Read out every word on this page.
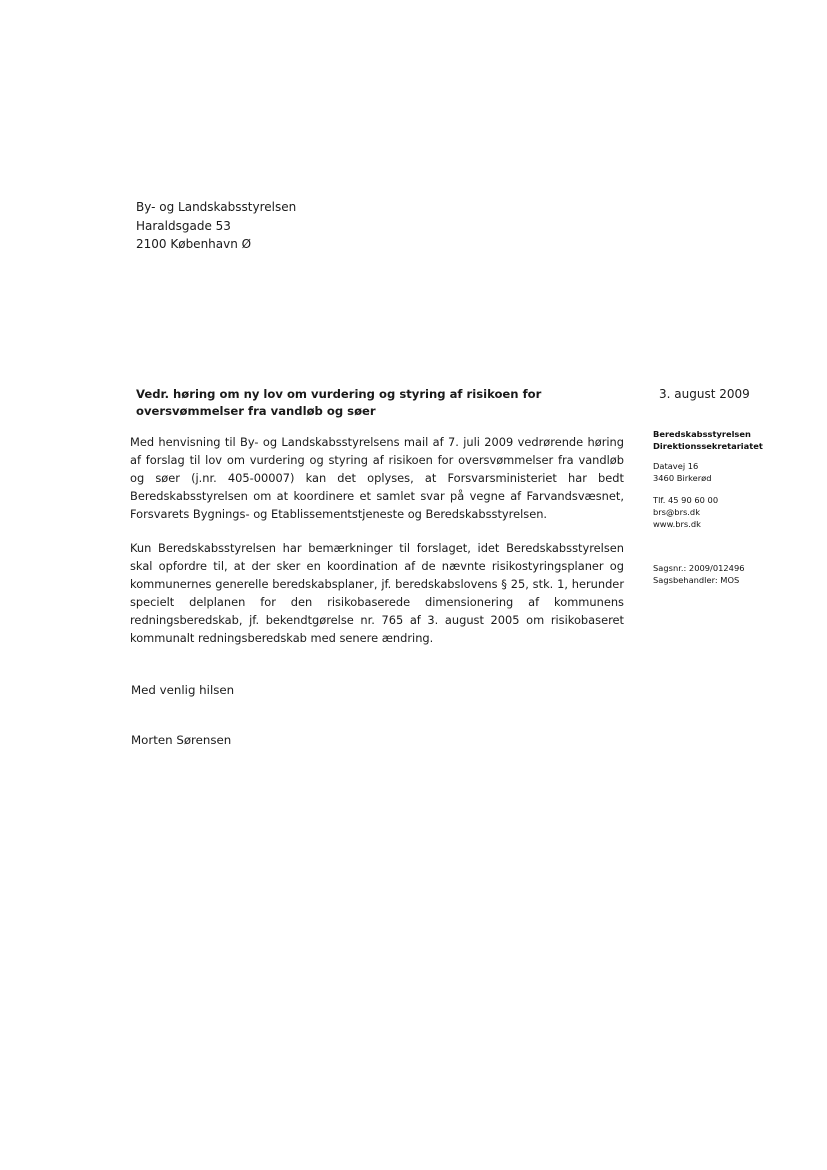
By- og Landskabsstyrelsen
Haraldsgade 53
2100 København Ø
Vedr. høring om ny lov om vurdering og styring af risikoen for oversvømmelser fra vandløb og søer
3. august 2009

Med henvisning til By- og Landskabsstyrelsens mail af 7. juli 2009 vedrørende høring af forslag til lov om vurdering og styring af risikoen for oversvømmelser fra vandløb og søer (j.nr. 405-00007) kan det oplyses, at Forsvarsministeriet har bedt Beredskabsstyrelsen om at koordinere et samlet svar på vegne af Farvandsvæsnet, Forsvarets Bygnings- og Etablissementstjeneste og Beredskabsstyrelsen.

Kun Beredskabsstyrelsen har bemærkninger til forslaget, idet Beredskabsstyrelsen skal opfordre til, at der sker en koordination af de nævnte risikostyringsplaner og kommunernes generelle beredskabsplaner, jf. beredskabslovens § 25, stk. 1, herunder specielt delplanen for den risikobaserede dimensionering af kommunens redningsberedskab, jf. bekendtgørelse nr. 765 af 3. august 2005 om risikobaseret kommunalt redningsberedskab med senere ændring.

Med venlig hilsen
Morten Sørensen
Beredskabsstyrelsen
Direktionssekretariatet
Datavej 16
3460 Birkerød
Tlf. 45 90 60 00
brs@brs.dk
www.brs.dk
Sagsnr.: 2009/012496
Sagsbehandler: MOS
